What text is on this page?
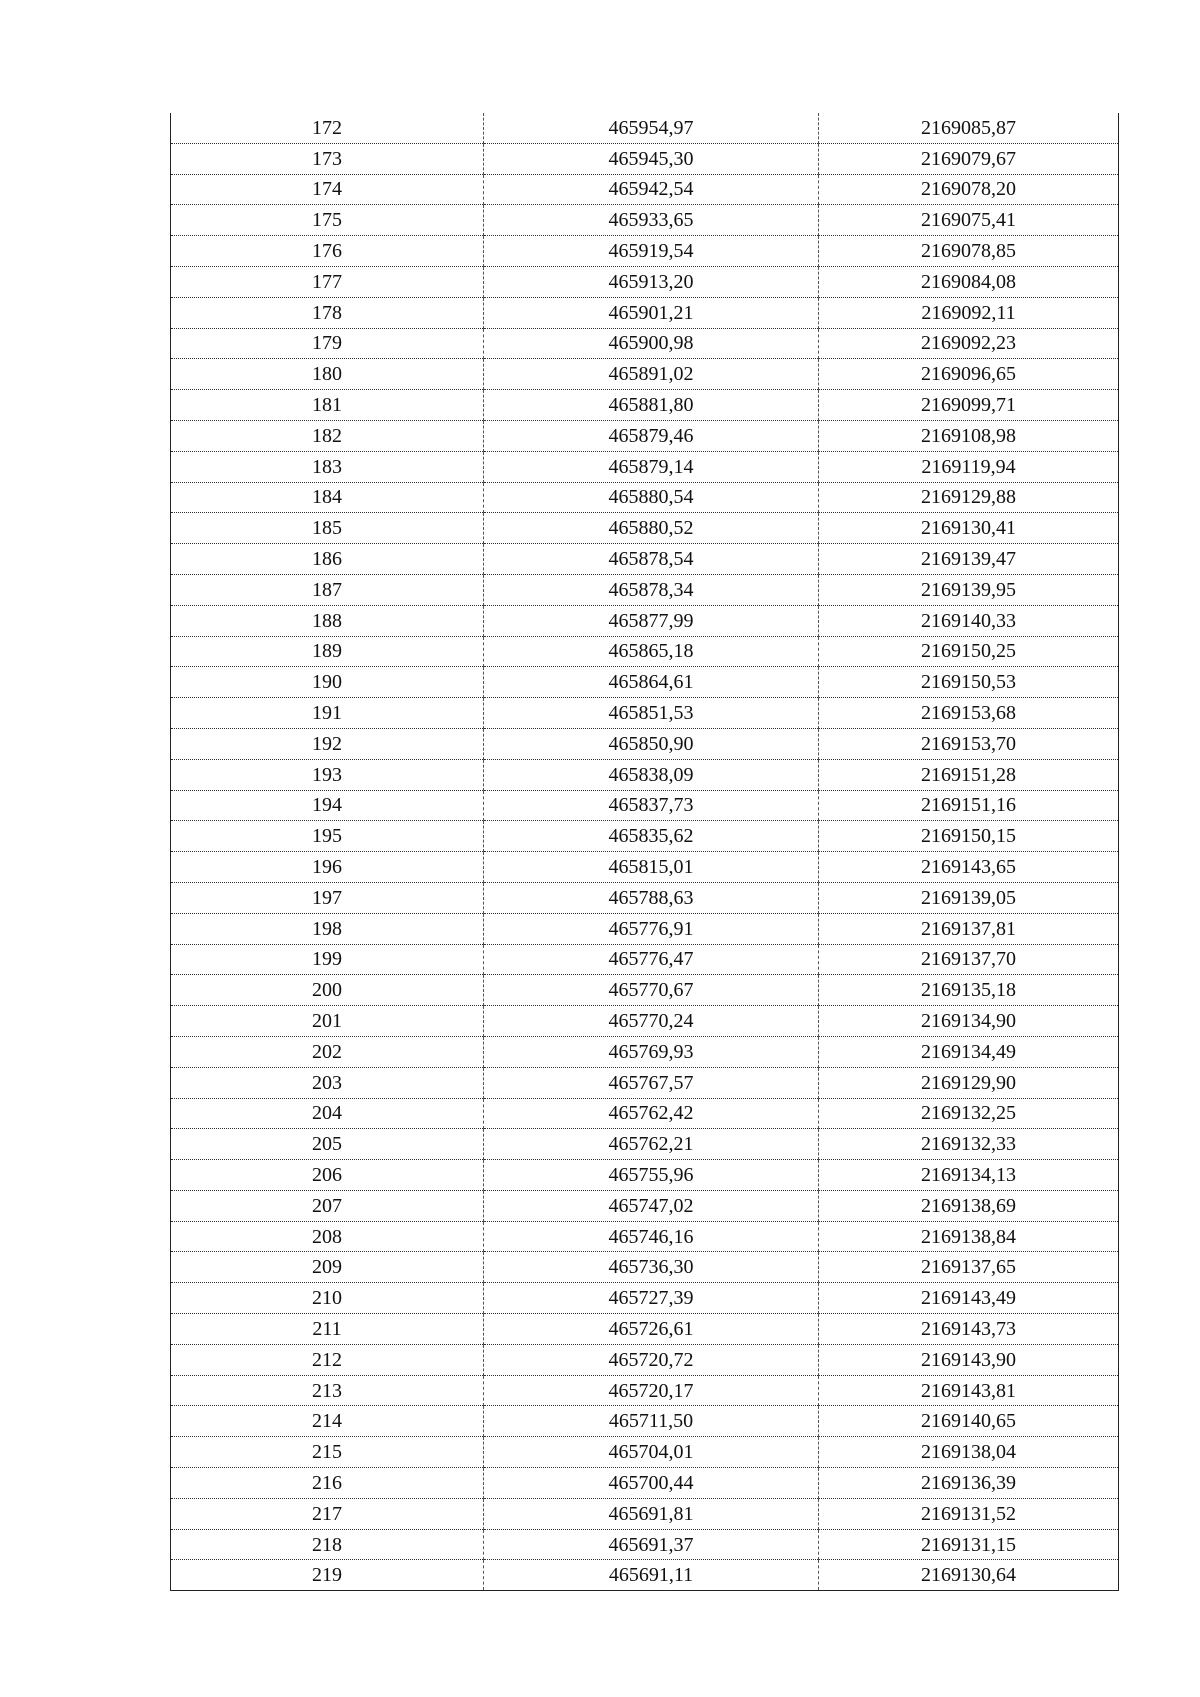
172	465954,97	2169085,87
173	465945,30	2169079,67
174	465942,54	2169078,20
175	465933,65	2169075,41
176	465919,54	2169078,85
177	465913,20	2169084,08
178	465901,21	2169092,11
179	465900,98	2169092,23
180	465891,02	2169096,65
181	465881,80	2169099,71
182	465879,46	2169108,98
183	465879,14	2169119,94
184	465880,54	2169129,88
185	465880,52	2169130,41
186	465878,54	2169139,47
187	465878,34	2169139,95
188	465877,99	2169140,33
189	465865,18	2169150,25
190	465864,61	2169150,53
191	465851,53	2169153,68
192	465850,90	2169153,70
193	465838,09	2169151,28
194	465837,73	2169151,16
195	465835,62	2169150,15
196	465815,01	2169143,65
197	465788,63	2169139,05
198	465776,91	2169137,81
199	465776,47	2169137,70
200	465770,67	2169135,18
201	465770,24	2169134,90
202	465769,93	2169134,49
203	465767,57	2169129,90
204	465762,42	2169132,25
205	465762,21	2169132,33
206	465755,96	2169134,13
207	465747,02	2169138,69
208	465746,16	2169138,84
209	465736,30	2169137,65
210	465727,39	2169143,49
211	465726,61	2169143,73
212	465720,72	2169143,90
213	465720,17	2169143,81
214	465711,50	2169140,65
215	465704,01	2169138,04
216	465700,44	2169136,39
217	465691,81	2169131,52
218	465691,37	2169131,15
219	465691,11	2169130,64
